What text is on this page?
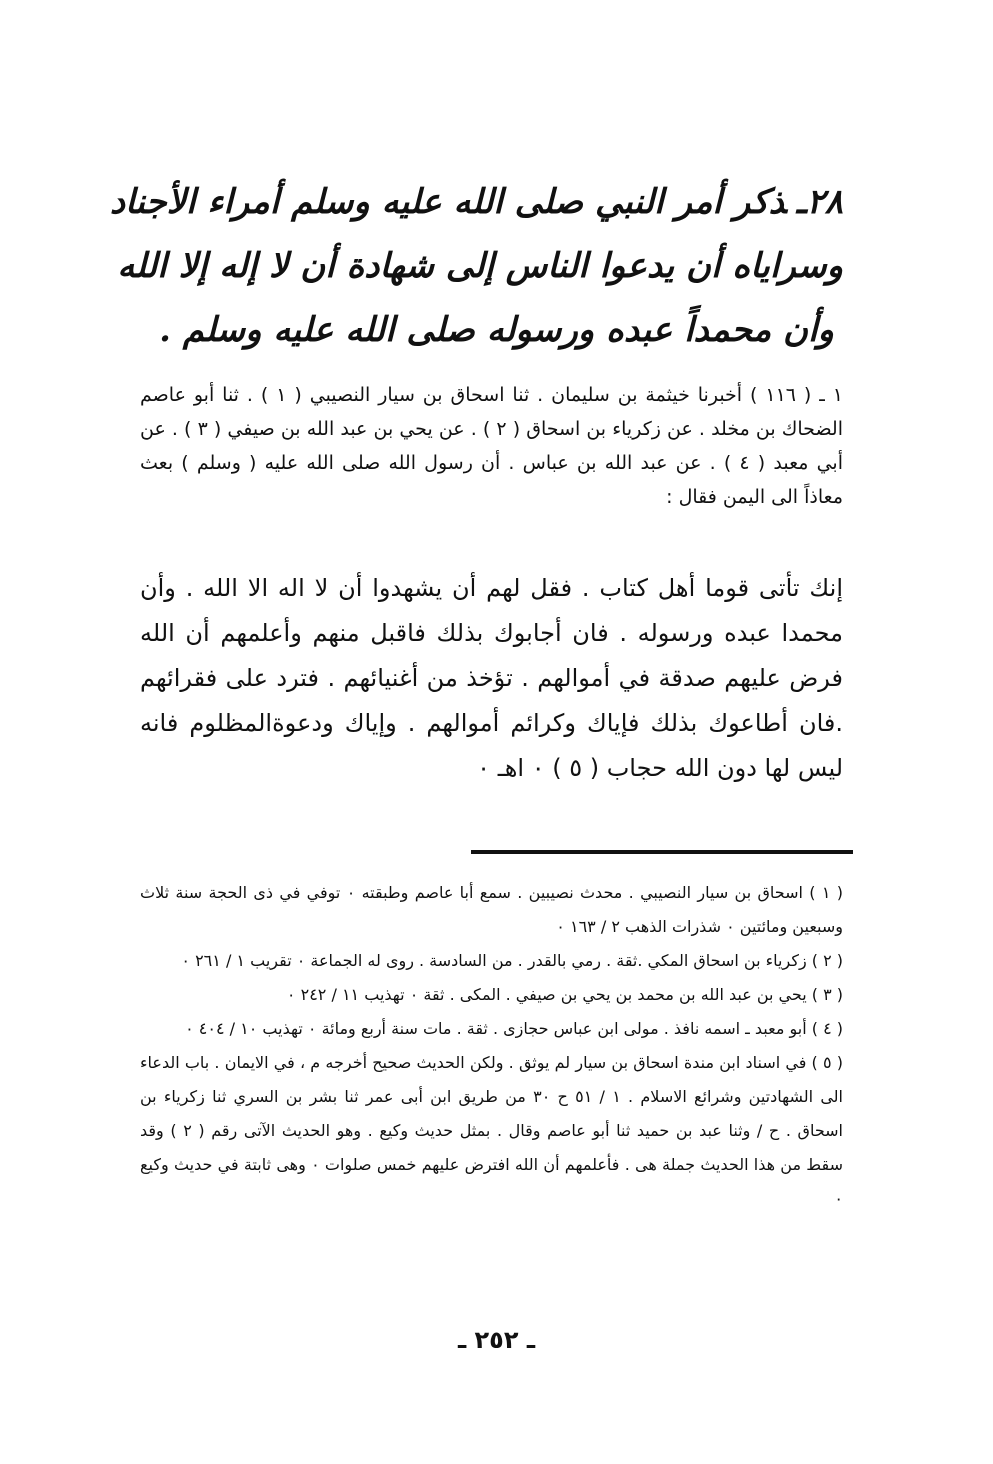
٢٨ـذكر أمر النبي صلى الله عليه وسلم أمراء الأجناد
وسراياه أن يدعوا الناس إلى شهادة أن لا إله إلا الله
وأن محمداً عبده ورسوله صلى الله عليه وسلم .

١ ـ ( ١١٦ ) أخبرنا خيثمة بن سليمان . ثنا اسحاق بن سيار النصيبي ( ١ ) . ثنا أبو عاصم الضحاك بن مخلد . عن زكرياء بن اسحاق ( ٢ ) . عن يحي بن عبد الله بن صيفي ( ٣ ) . عن أبي معبد ( ٤ ) . عن عبد الله بن عباس . أن رسول الله صلى الله عليه ( وسلم ) بعث معاذاً الى اليمن فقال :

إنك تأتى قوما أهل كتاب . فقل لهم أن يشهدوا أن لا اله الا الله . وأن محمدا عبده ورسوله . فان أجابوك بذلك فاقبل منهم وأعلمهم أن الله فرض عليهم صدقة في أموالهم . تؤخذ من أغنيائهم . فترد على فقرائهم .فان أطاعوك بذلك فإياك وكرائم أموالهم . وإياك ودعوةالمظلوم فانه ليس لها دون الله حجاب ( ٥ ) ٠ اهـ ٠

( ١ ) اسحاق بن سيار النصيبي . محدث نصيبين . سمع أبا عاصم وطبقته ٠ توفي في ذى الحجة سنة ثلاث وسبعين ومائتين ٠ شذرات الذهب ٢ / ١٦٣ ٠

( ٢ ) زكرياء بن اسحاق المكي .ثقة . رمي بالقدر . من السادسة . روى له الجماعة ٠ تقريب ١ / ٢٦١ ٠

( ٣ ) يحي بن عبد الله بن محمد بن يحي بن صيفي . المكى . ثقة ٠ تهذيب ١١ / ٢٤٢ ٠

( ٤ ) أبو معبد ـ اسمه نافذ . مولى ابن عباس حجازى . ثقة . مات سنة أربع ومائة ٠ تهذيب ١٠ / ٤٠٤ ٠

( ٥ ) في اسناد ابن مندة اسحاق بن سيار لم يوثق . ولكن الحديث صحيح أخرجه م ، في الايمان . باب الدعاء الى الشهادتين وشرائع الاسلام . ١ / ٥١ ح ٣٠ من طريق ابن أبى عمر ثنا بشر بن السري ثنا زكرياء بن اسحاق . ح / وثنا عبد بن حميد ثنا أبو عاصم وقال . بمثل حديث وكيع . وهو الحديث الآتى رقم ( ٢ ) وقد سقط من هذا الحديث جملة هى . فأعلمهم أن الله افترض عليهم خمس صلوات ٠ وهى ثابتة في حديث وكيع ٠

ـ ٢٥٢ ـ
